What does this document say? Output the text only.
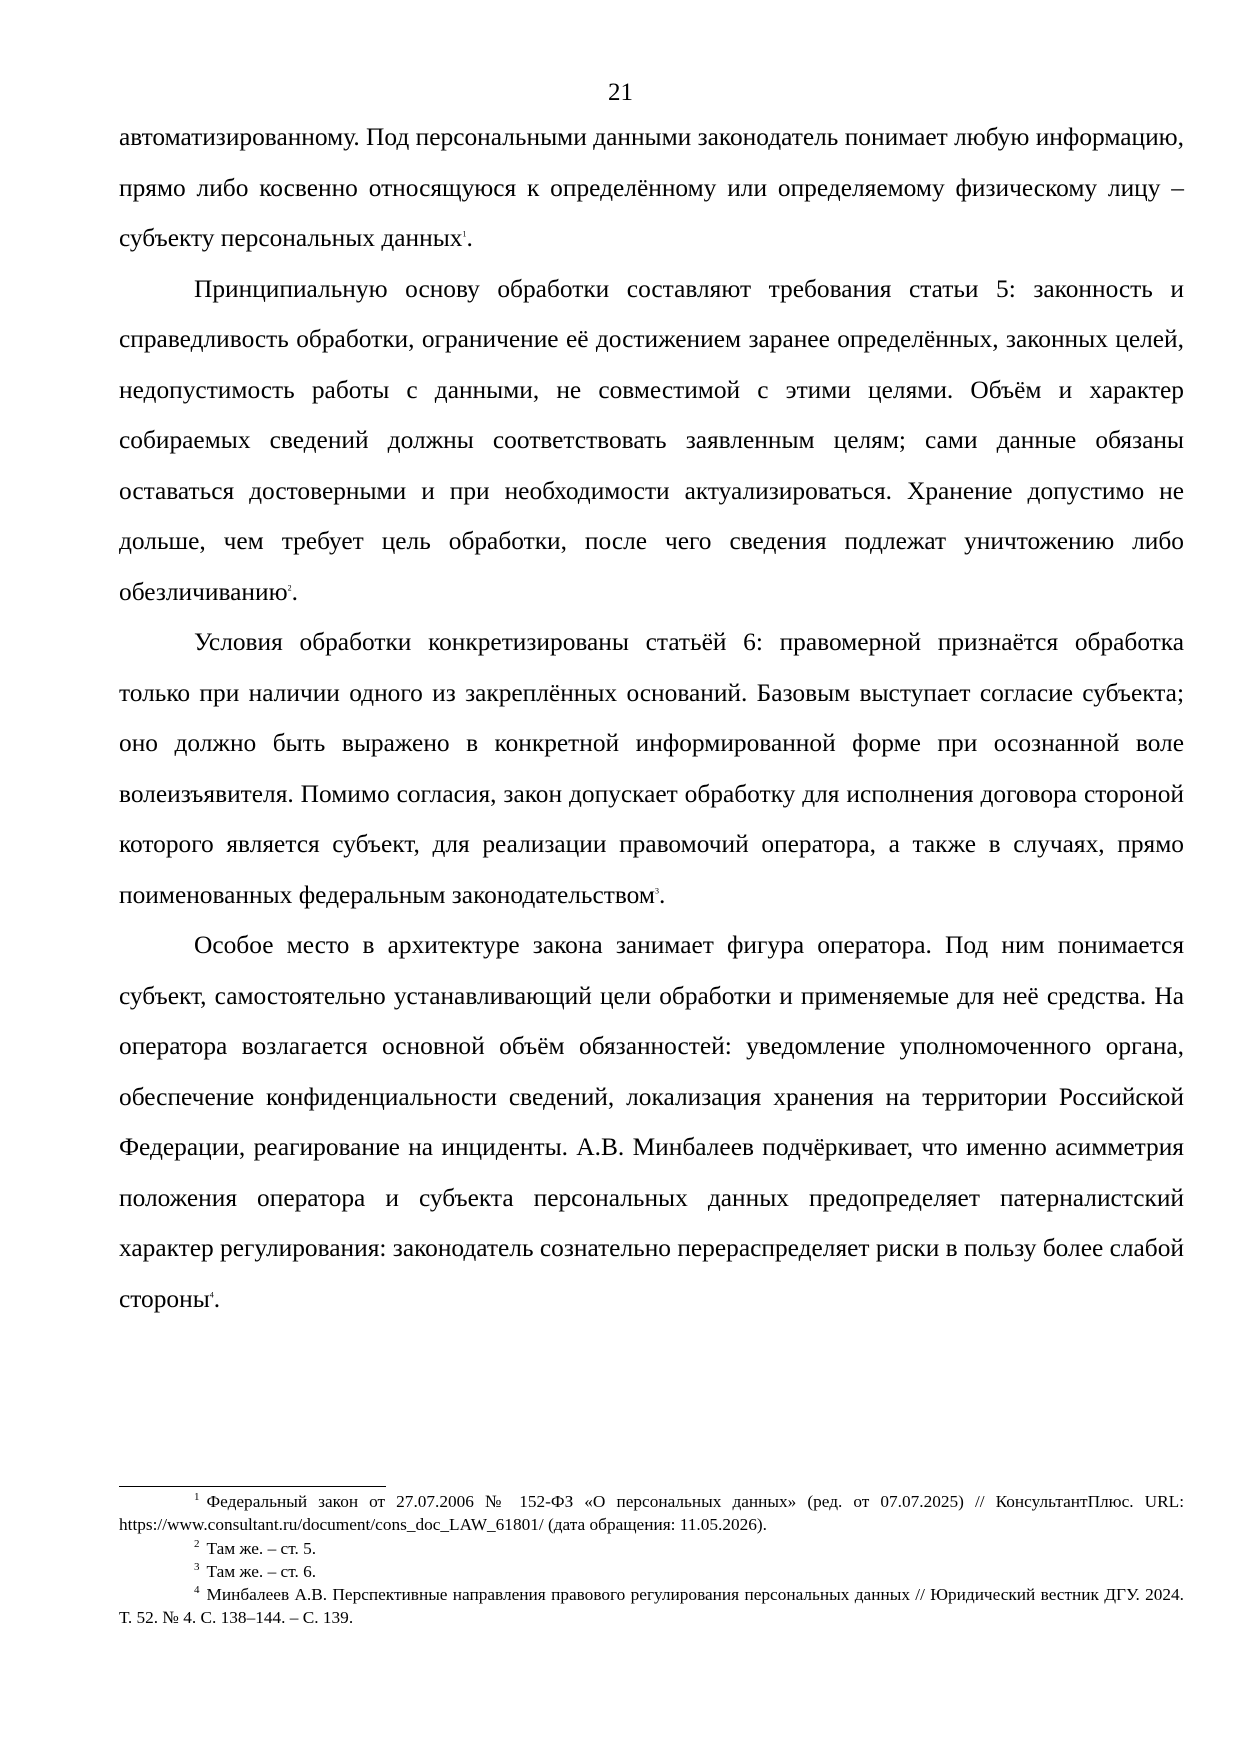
21

автоматизированному. Под персональными данными законодатель понимает любую информацию, прямо либо косвенно относящуюся к определённому или определяемому физическому лицу – субъекту персональных данных$^1$.

Принципиальную основу обработки составляют требования статьи 5: законность и справедливость обработки, ограничение её достижением заранее определённых, законных целей, недопустимость работы с данными, не совместимой с этими целями. Объём и характер собираемых сведений должны соответствовать заявленным целям; сами данные обязаны оставаться достоверными и при необходимости актуализироваться. Хранение допустимо не дольше, чем требует цель обработки, после чего сведения подлежат уничтожению либо обезличиванию$^2$.

Условия обработки конкретизированы статьёй 6: правомерной признаётся обработка только при наличии одного из закреплённых оснований. Базовым выступает согласие субъекта; оно должно быть выражено в конкретной информированной форме при осознанной воле волеизъявителя. Помимо согласия, закон допускает обработку для исполнения договора стороной которого является субъект, для реализации правомочий оператора, а также в случаях, прямо поименованных федеральным законодательством$^3$.

Особое место в архитектуре закона занимает фигура оператора. Под ним понимается субъект, самостоятельно устанавливающий цели обработки и применяемые для неё средства. На оператора возлагается основной объём обязанностей: уведомление уполномоченного органа, обеспечение конфиденциальности сведений, локализация хранения на территории Российской Федерации, реагирование на инциденты. А.В. Минбалеев подчёркивает, что именно асимметрия положения оператора и субъекта персональных данных предопределяет патерналистский характер регулирования: законодатель сознательно перераспределяет риски в пользу более слабой стороны$^4$.

$^1$ Федеральный закон от 27.07.2006 № 152-ФЗ «О персональных данных» (ред. от 07.07.2025) // КонсультантПлюс. URL: https://www.consultant.ru/document/cons_doc_LAW_61801/ (дата обращения: 11.05.2026).

$^2$ Там же. – ст. 5.

$^3$ Там же. – ст. 6.

$^4$ Минбалеев А.В. Перспективные направления правового регулирования персональных данных // Юридический вестник ДГУ. 2024. Т. 52. № 4. С. 138–144. – С. 139.
